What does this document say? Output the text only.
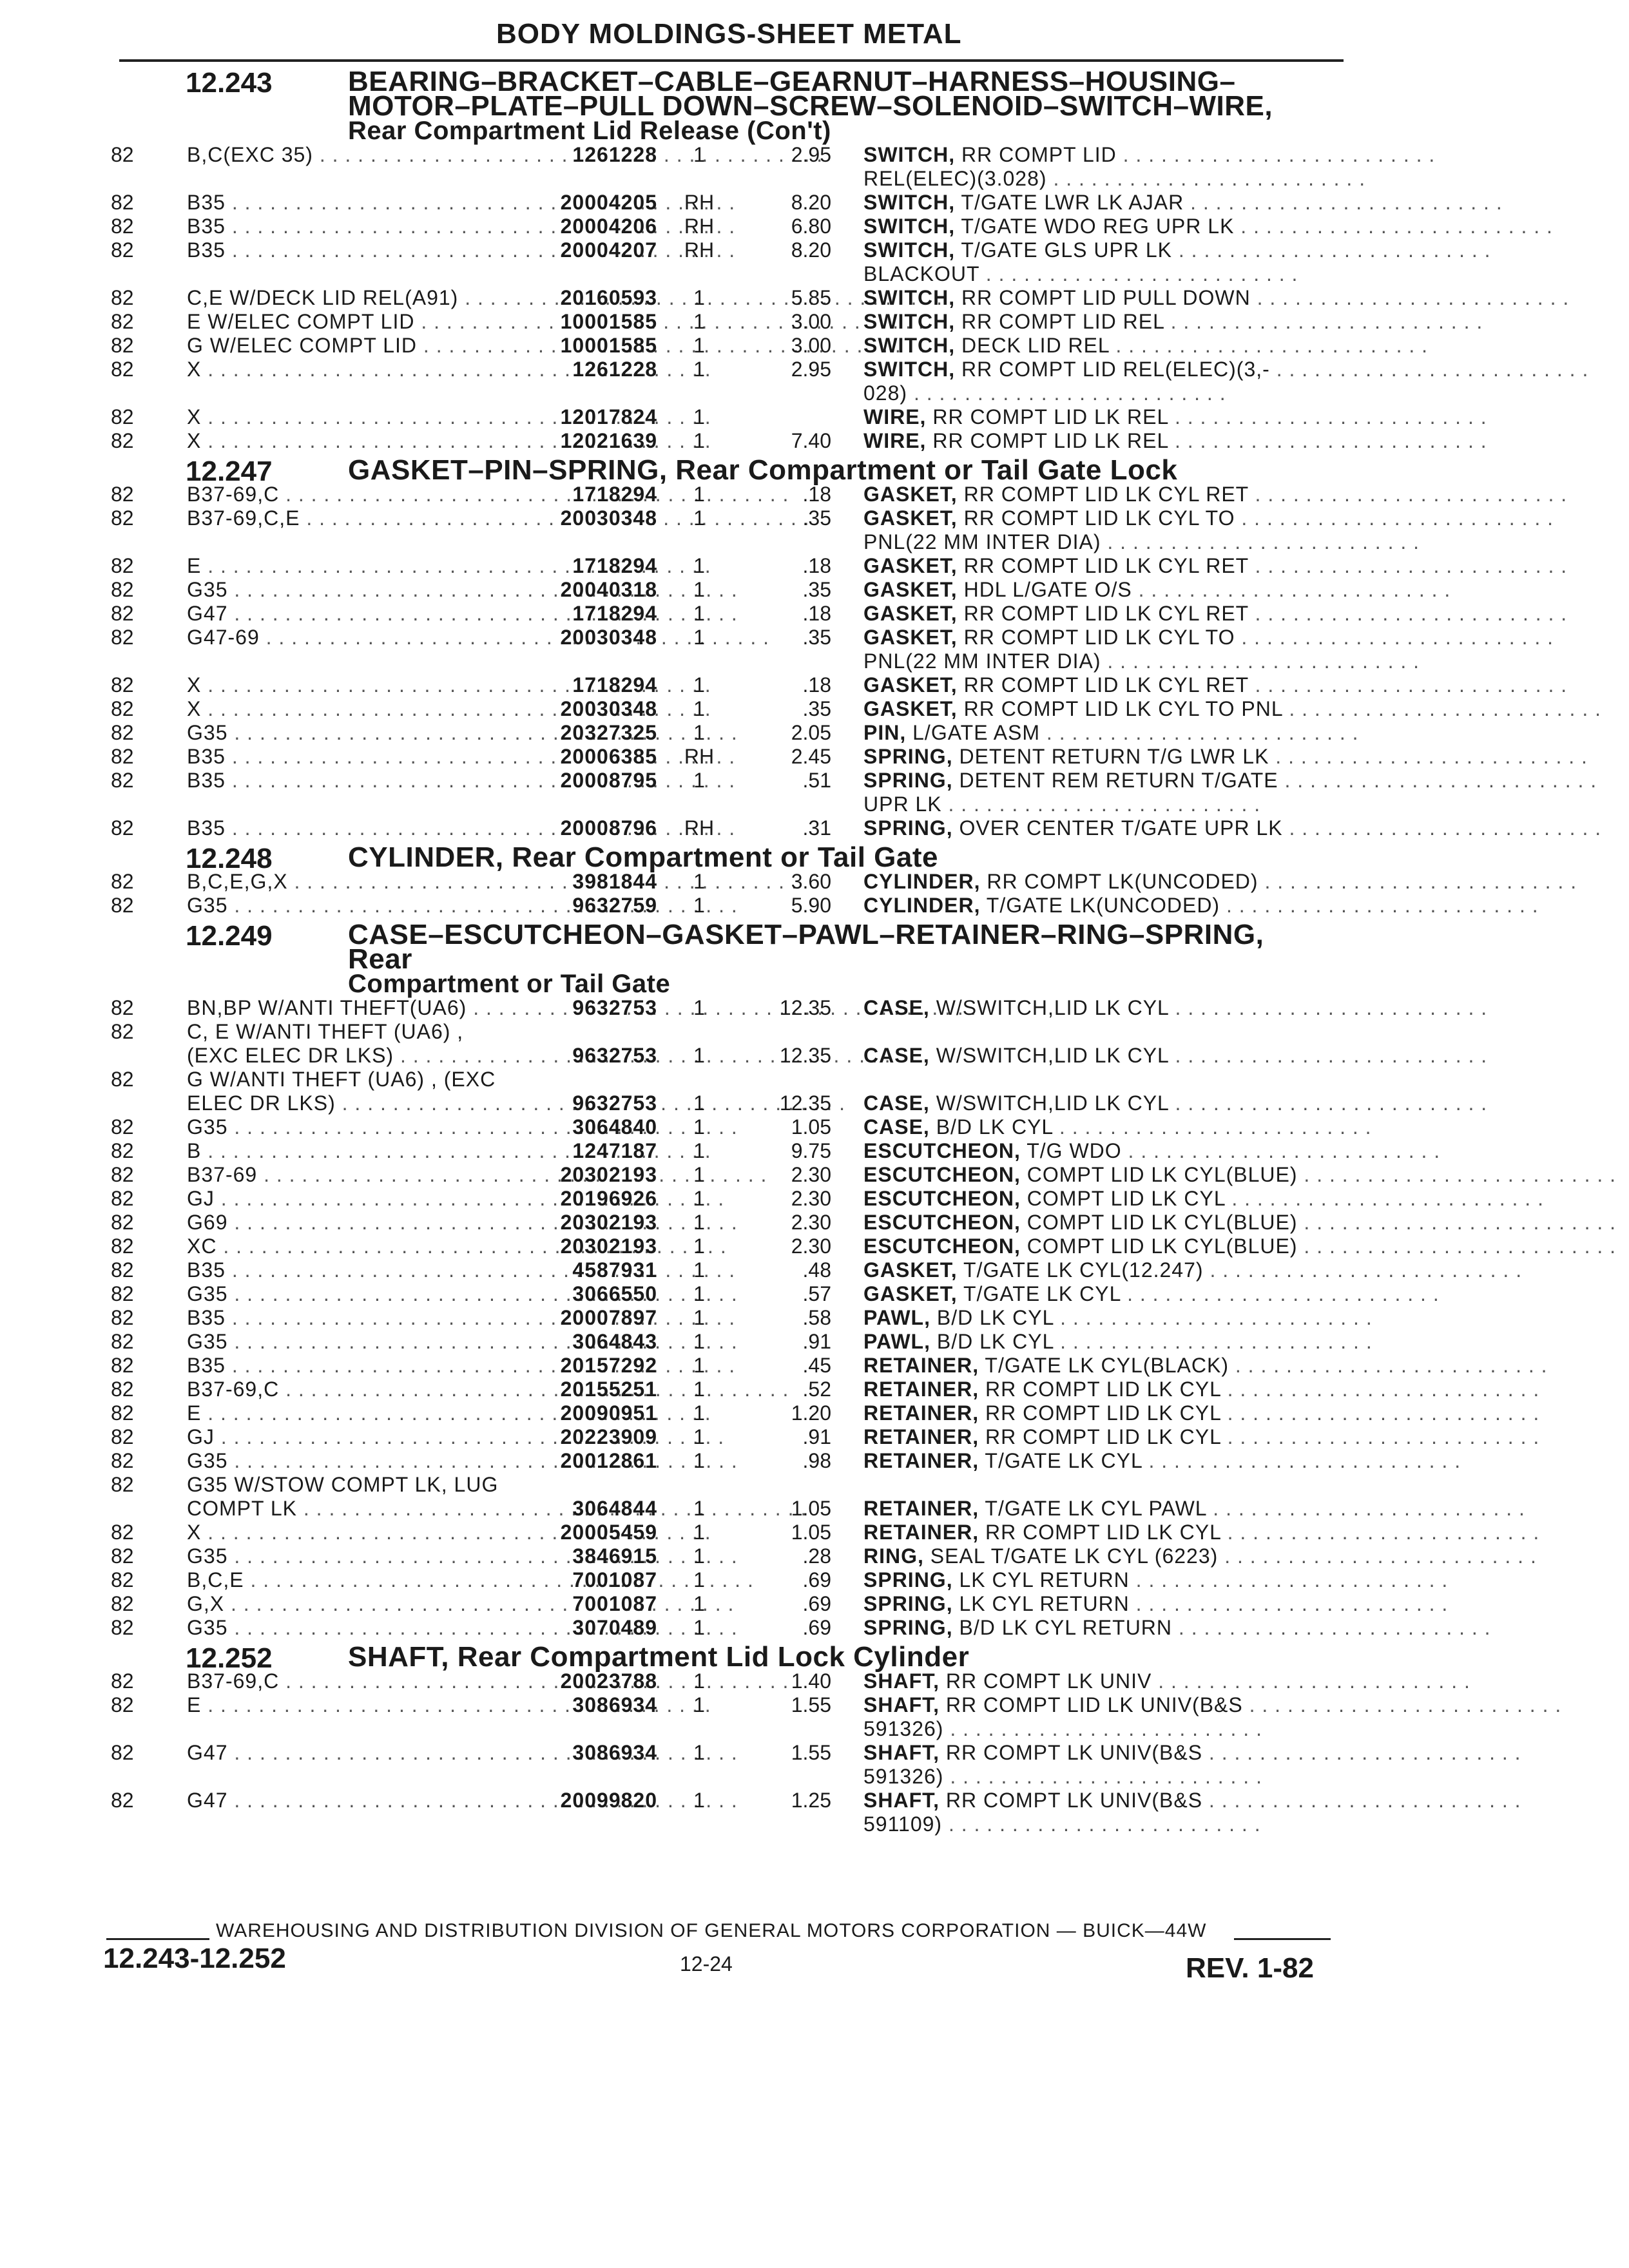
BODY MOLDINGS-SHEET METAL
12.243	BEARING–BRACKET–CABLE–GEARNUT–HARNESS–HOUSING–
MOTOR–PLATE–PULL DOWN–SCREW–SOLENOID–SWITCH–WIRE,
Rear Compartment Lid Release (Con't)
82	B,C(EXC 35) . . .	1261228	1	2.95 SWITCH, RR COMPT LID . . . . . . . . . . . . . . . . . . . . . . . . .
REL(ELEC)(3.028) . . . . . . . . . . . . . . . . . . . . . . . . .
82	B35 . . .	20004205	RH	8.20 SWITCH, T/GATE LWR LK AJAR . . . . . . . . . . . . . . . . . . . . . . . . .
82	B35 . . .	20004206	RH	6.80 SWITCH, T/GATE WDO REG UPR LK . . . . . . . . . . . . . . . . . . . . . . . . .
82	B35 . . .	20004207	RH	8.20 SWITCH, T/GATE GLS UPR LK . . . . . . . . . . . . . . . . . . . . . . . . .
BLACKOUT . . . . . . . . . . . . . . . . . . . . . . . . .
82	C,E W/DECK LID REL(A91) . . .	20160593	1	5.85 SWITCH, RR COMPT LID PULL DOWN . . . . . . . . . . . . . . . . . . . . . . . . .
82	E W/ELEC COMPT LID . . .	10001585	1	3.00 SWITCH, RR COMPT LID REL . . . . . . . . . . . . . . . . . . . . . . . . .
82	G W/ELEC COMPT LID . . .	10001585	1	3.00 SWITCH, DECK LID REL . . . . . . . . . . . . . . . . . . . . . . . . .
82	X . . .	1261228	1	2.95 SWITCH, RR COMPT LID REL(ELEC)(3,- . . . . . . . . . . . . . . . . . . . . . . . . .
028) . . . . . . . . . . . . . . . . . . . . . . . . .
82	X . . .	12017824	1	WIRE, RR COMPT LID LK REL . . . . . . . . . . . . . . . . . . . . . . . . .
82	X . . .	12021639	1	7.40 WIRE, RR COMPT LID LK REL . . . . . . . . . . . . . . . . . . . . . . . . .
12.247	GASKET–PIN–SPRING, Rear Compartment or Tail Gate Lock
82	B37-69,C . . .	1718294	1	.18 GASKET, RR COMPT LID LK CYL RET . . . . . . . . . . . . . . . . . . . . . . . . .
82	B37-69,C,E . . .	20030348	1	.35 GASKET, RR COMPT LID LK CYL TO . . . . . . . . . . . . . . . . . . . . . . . . .
PNL(22 MM INTER DIA) . . . . . . . . . . . . . . . . . . . . . . . . .
82	E . . .	1718294	1	.18 GASKET, RR COMPT LID LK CYL RET . . . . . . . . . . . . . . . . . . . . . . . . .
82	G35 . . .	20040318	1	.35 GASKET, HDL L/GATE O/S . . . . . . . . . . . . . . . . . . . . . . . . .
82	G47 . . .	1718294	1	.18 GASKET, RR COMPT LID LK CYL RET . . . . . . . . . . . . . . . . . . . . . . . . .
82	G47-69 . . .	20030348	1	.35 GASKET, RR COMPT LID LK CYL TO . . . . . . . . . . . . . . . . . . . . . . . . .
PNL(22 MM INTER DIA) . . . . . . . . . . . . . . . . . . . . . . . . .
82	X . . .	1718294	1	.18 GASKET, RR COMPT LID LK CYL RET . . . . . . . . . . . . . . . . . . . . . . . . .
82	X . . .	20030348	1	.35 GASKET, RR COMPT LID LK CYL TO PNL . . . . . . . . . . . . . . . . . . . . . . . . .
82	G35 . . .	20327325	1	2.05 PIN, L/GATE ASM . . . . . . . . . . . . . . . . . . . . . . . . .
82	B35 . . .	20006385	RH	2.45 SPRING, DETENT RETURN T/G LWR LK . . . . . . . . . . . . . . . . . . . . . . . . .
82	B35 . . .	20008795	1	.51 SPRING, DETENT REM RETURN T/GATE . . . . . . . . . . . . . . . . . . . . . . . . .
UPR LK . . . . . . . . . . . . . . . . . . . . . . . . .
82	B35 . . .	20008796	RH	.31 SPRING, OVER CENTER T/GATE UPR LK . . . . . . . . . . . . . . . . . . . . . . . . .
12.248	CYLINDER, Rear Compartment or Tail Gate
82	B,C,E,G,X . . .	3981844	1	3.60 CYLINDER, RR COMPT LK(UNCODED) . . . . . . . . . . . . . . . . . . . . . . . . .
82	G35 . . .	9632759	1	5.90 CYLINDER, T/GATE LK(UNCODED) . . . . . . . . . . . . . . . . . . . . . . . . .
12.249	CASE–ESCUTCHEON–GASKET–PAWL–RETAINER–RING–SPRING, Rear
Compartment or Tail Gate
82	BN,BP W/ANTI THEFT(UA6) . . .	9632753	1	12.35 CASE, W/SWITCH,LID LK CYL . . . . . . . . . . . . . . . . . . . . . . . . .
82	C, E W/ANTI THEFT (UA6) ,
(EXC ELEC DR LKS) . . .	9632753	1	12.35 CASE, W/SWITCH,LID LK CYL . . . . . . . . . . . . . . . . . . . . . . . . .
82	G W/ANTI THEFT (UA6) , (EXC
ELEC DR LKS) . . .	9632753	1	12.35 CASE, W/SWITCH,LID LK CYL . . . . . . . . . . . . . . . . . . . . . . . . .
82	G35 . . .	3064840	1	1.05 CASE, B/D LK CYL . . . . . . . . . . . . . . . . . . . . . . . . .
82	B . . .	1247187	1	9.75 ESCUTCHEON, T/G WDO . . . . . . . . . . . . . . . . . . . . . . . . .
82	B37-69 . . .	20302193	1	2.30 ESCUTCHEON, COMPT LID LK CYL(BLUE) . . . . . . . . . . . . . . . . . . . . . . . . .
82	GJ . . .	20196926	1	2.30 ESCUTCHEON, COMPT LID LK CYL . . . . . . . . . . . . . . . . . . . . . . . . .
82	G69 . . .	20302193	1	2.30 ESCUTCHEON, COMPT LID LK CYL(BLUE) . . . . . . . . . . . . . . . . . . . . . . . . .
82	XC . . .	20302193	1	2.30 ESCUTCHEON, COMPT LID LK CYL(BLUE) . . . . . . . . . . . . . . . . . . . . . . . . .
82	B35 . . .	4587931	1	.48 GASKET, T/GATE LK CYL(12.247) . . . . . . . . . . . . . . . . . . . . . . . . .
82	G35 . . .	3066550	1	.57 GASKET, T/GATE LK CYL . . . . . . . . . . . . . . . . . . . . . . . . .
82	B35 . . .	20007897	1	.58 PAWL, B/D LK CYL . . . . . . . . . . . . . . . . . . . . . . . . .
82	G35 . . .	3064843	1	.91 PAWL, B/D LK CYL . . . . . . . . . . . . . . . . . . . . . . . . .
82	B35 . . .	20157292	1	.45 RETAINER, T/GATE LK CYL(BLACK) . . . . . . . . . . . . . . . . . . . . . . . . .
82	B37-69,C . . .	20155251	1	.52 RETAINER, RR COMPT LID LK CYL . . . . . . . . . . . . . . . . . . . . . . . . .
82	E . . .	20090951	1	1.20 RETAINER, RR COMPT LID LK CYL . . . . . . . . . . . . . . . . . . . . . . . . .
82	GJ . . .	20223909	1	.91 RETAINER, RR COMPT LID LK CYL . . . . . . . . . . . . . . . . . . . . . . . . .
82	G35 . . .	20012861	1	.98 RETAINER, T/GATE LK CYL . . . . . . . . . . . . . . . . . . . . . . . . .
82	G35 W/STOW COMPT LK, LUG
COMPT LK . . .	3064844	1	1.05 RETAINER, T/GATE LK CYL PAWL . . . . . . . . . . . . . . . . . . . . . . . . .
82	X . . .	20005459	1	1.05 RETAINER, RR COMPT LID LK CYL . . . . . . . . . . . . . . . . . . . . . . . . .
82	G35 . . .	3846915	1	.28 RING, SEAL T/GATE LK CYL (6223) . . . . . . . . . . . . . . . . . . . . . . . . .
82	B,C,E . . .	7001087	1	.69 SPRING, LK CYL RETURN . . . . . . . . . . . . . . . . . . . . . . . . .
82	G,X . . .	7001087	1	.69 SPRING, LK CYL RETURN . . . . . . . . . . . . . . . . . . . . . . . . .
82	G35 . . .	3070489	1	.69 SPRING, B/D LK CYL RETURN . . . . . . . . . . . . . . . . . . . . . . . . .
12.252	SHAFT, Rear Compartment Lid Lock Cylinder
82	B37-69,C . . .	20023788	1	1.40 SHAFT, RR COMPT LK UNIV . . . . . . . . . . . . . . . . . . . . . . . . .
82	E . . .	3086934	1	1.55 SHAFT, RR COMPT LID LK UNIV(B&S . . . . . . . . . . . . . . . . . . . . . . . . .
591326) . . . . . . . . . . . . . . . . . . . . . . . . .
82	G47 . . .	3086934	1	1.55 SHAFT, RR COMPT LK UNIV(B&S . . . . . . . . . . . . . . . . . . . . . . . . .
591326) . . . . . . . . . . . . . . . . . . . . . . . . .
82	G47 . . .	20099820	1	1.25 SHAFT, RR COMPT LK UNIV(B&S . . . . . . . . . . . . . . . . . . . . . . . . .
591109) . . . . . . . . . . . . . . . . . . . . . . . . .
WAREHOUSING AND DISTRIBUTION DIVISION OF GENERAL MOTORS CORPORATION — BUICK—44W
12.243-12.252	12-24	REV. 1-82
